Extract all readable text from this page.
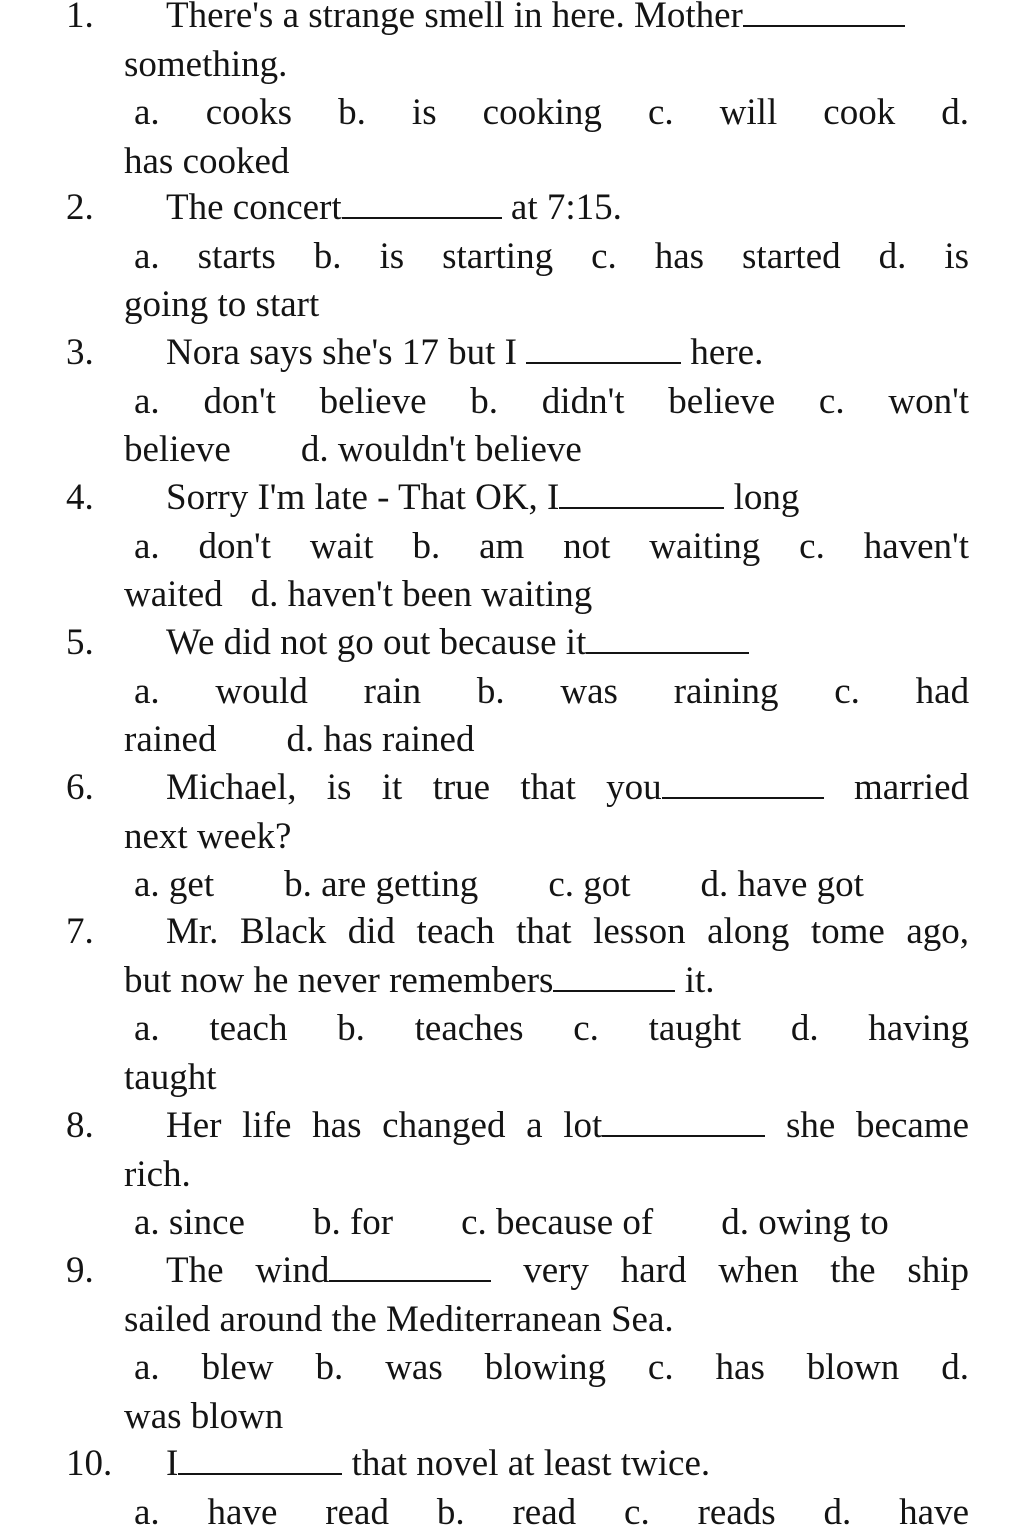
1. There's a strange smell in here. Mother
something.
a. cooks b. is cooking c. will cook d.
has cooked
2. The concert	at 7:15.
a. starts b. is starting c. has started d. is
going to start
3. Nora says she's 17 but I	here.
a. don't believe b. didn't believe c. won't
believe d. wouldn't believe
4. Sorry I'm late - That OK, I	long
a. don't wait b. am not waiting c. haven't
waited d. haven't been waiting
5. We did not go out because it
a. would rain b. was raining c. had
rained d. has rained
6. Michael, is it true that you	married
next week?
a. get b. are getting c. got d. have got
7. Mr. Black did teach that lesson along tome ago,
but now he never remembers	it.
a. teach b. teaches c. taught d. having
taught
8. Her life has changed a lot	she became
rich.
a. since b. for c. because of d. owing to
9. The wind	very hard when the ship
sailed around the Mediterranean Sea.
a. blew b. was blowing c. has blown d.
was blown
10. I	that novel at least twice.
a. have read b. read c. reads d. have
